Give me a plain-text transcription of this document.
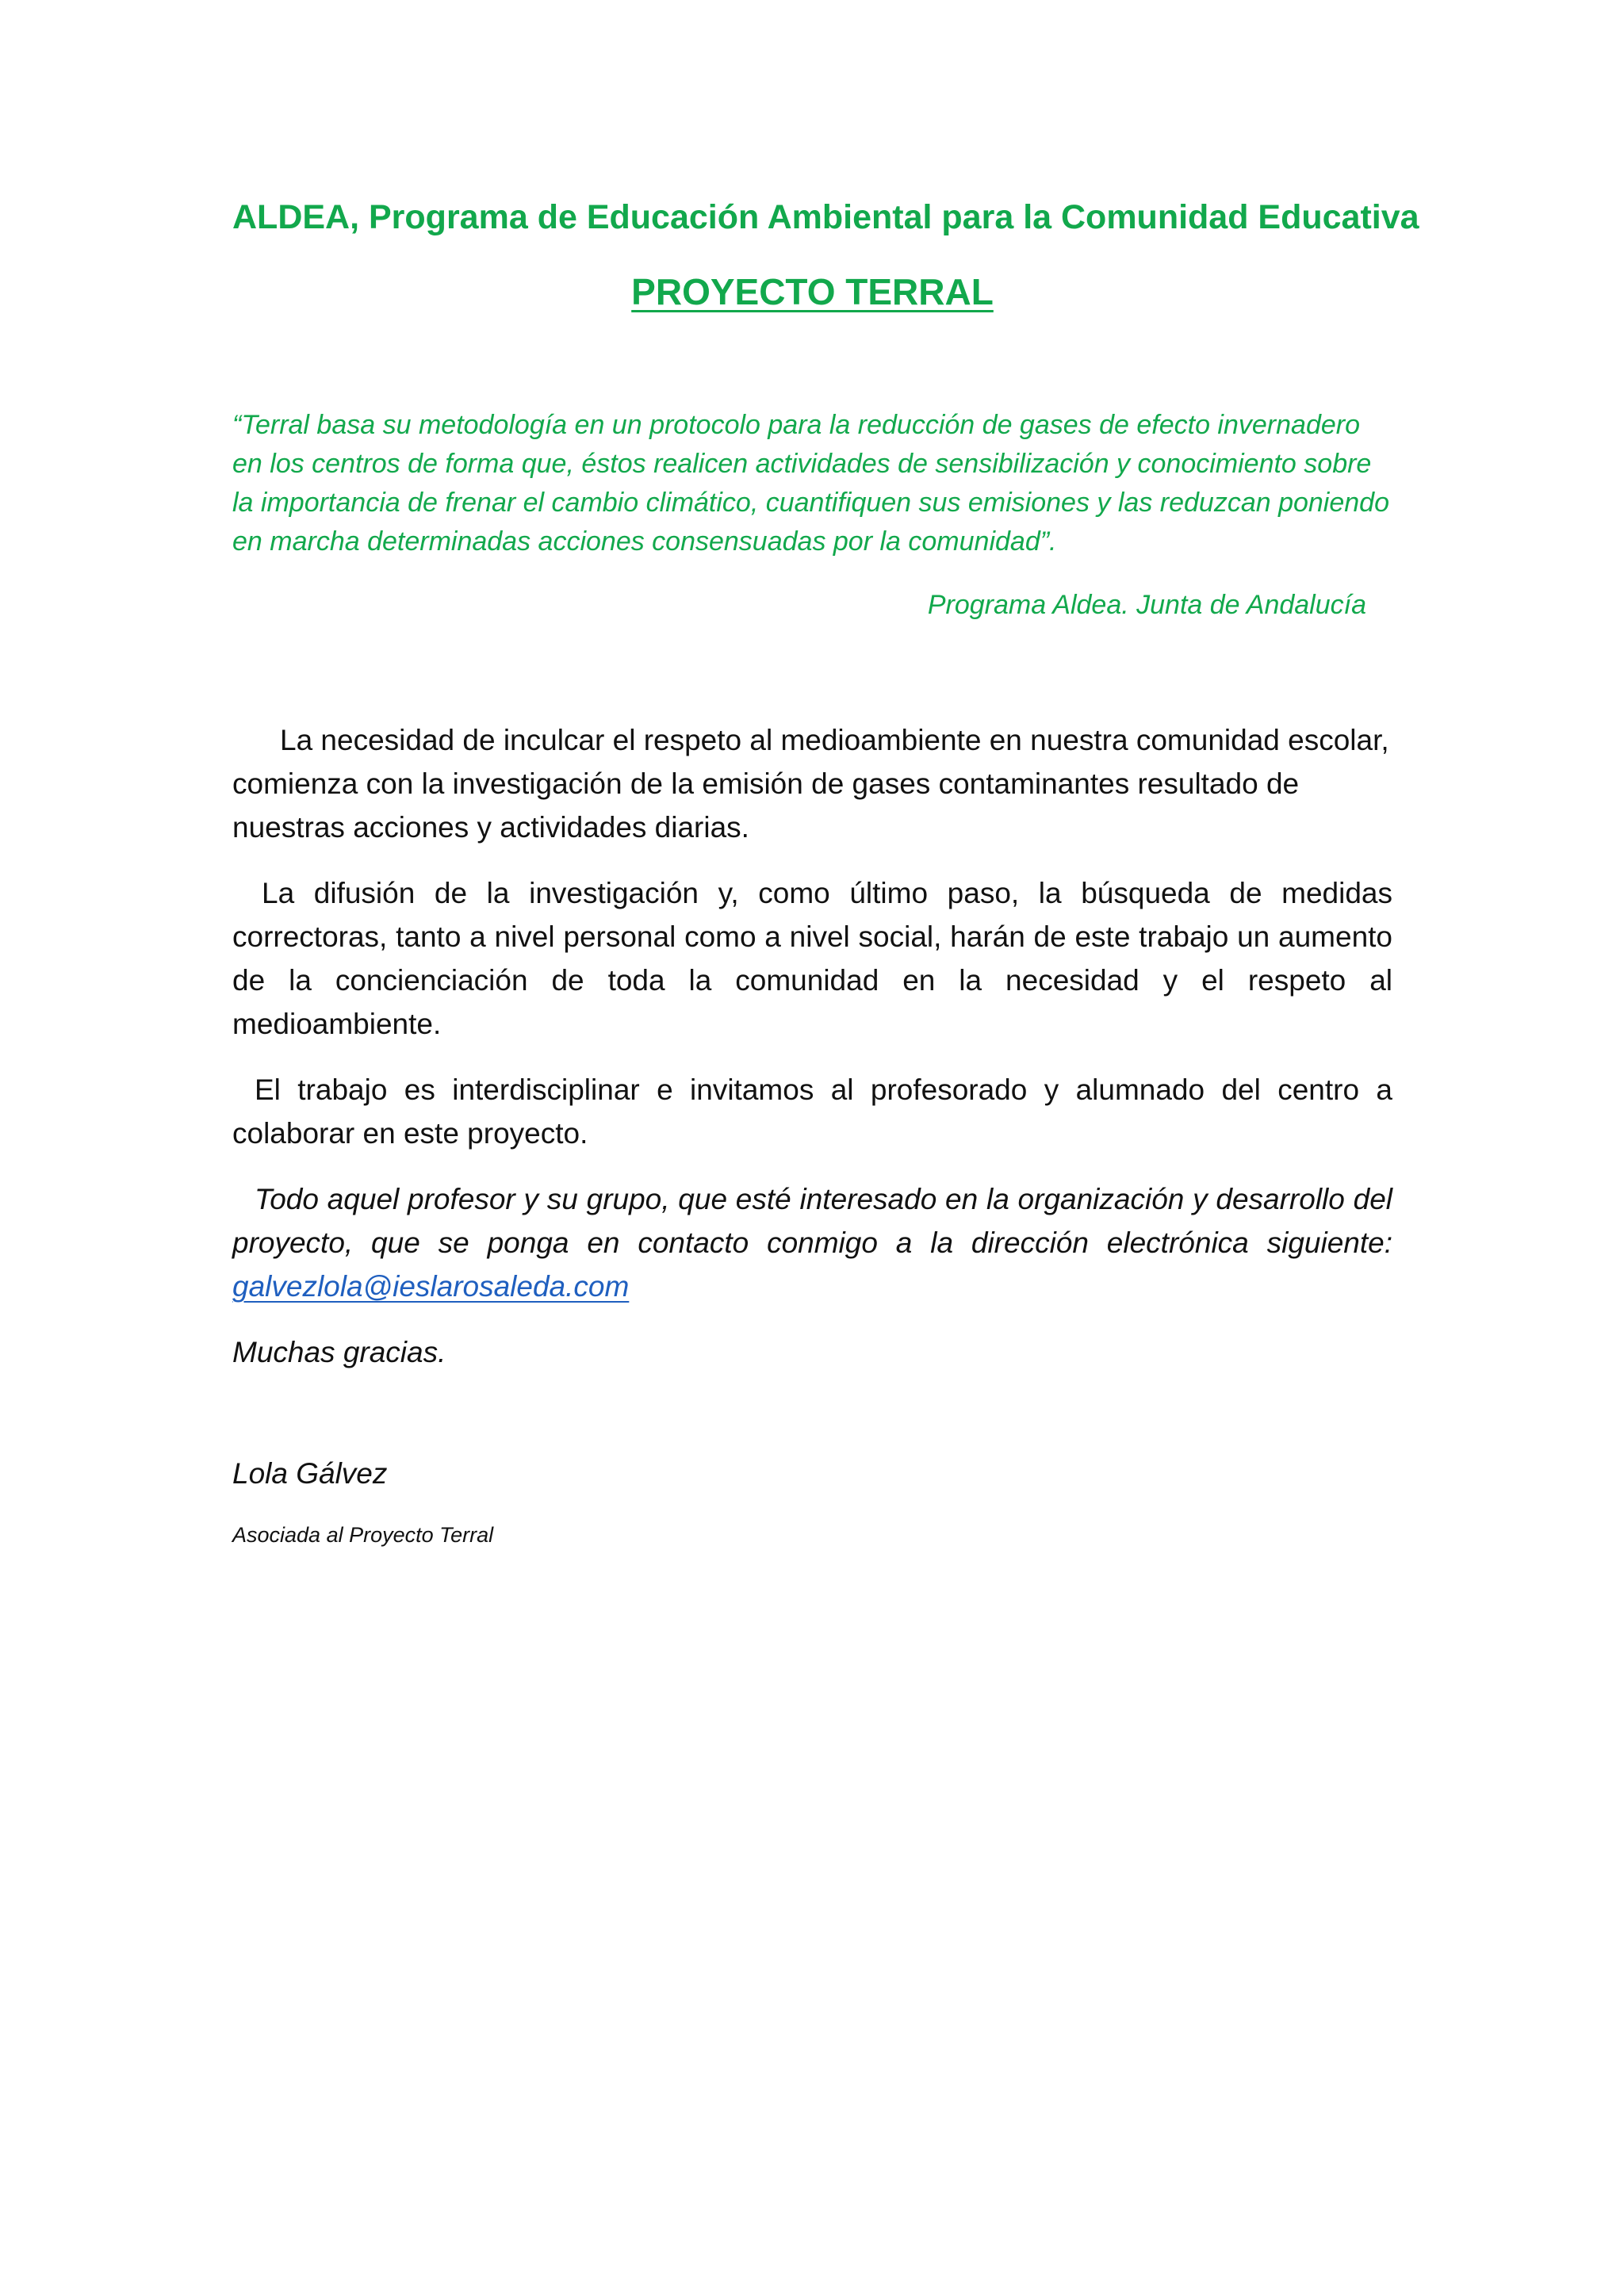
ALDEA, Programa de Educación Ambiental para la Comunidad Educativa
PROYECTO TERRAL

“Terral basa su metodología en un protocolo para la reducción de gases de efecto invernadero en los centros de forma que, éstos realicen actividades de sensibilización y conocimiento sobre la importancia de frenar el cambio climático, cuantifiquen sus emisiones y las reduzcan poniendo en marcha determinadas acciones consensuadas por la comunidad”.

Programa Aldea. Junta de Andalucía

La necesidad de inculcar el respeto al medioambiente en nuestra comunidad escolar, comienza con la investigación de la emisión de gases contaminantes resultado de nuestras acciones y actividades diarias.

La difusión de la investigación y, como último paso, la búsqueda de medidas correctoras, tanto a nivel personal como a nivel social, harán de este trabajo un aumento de la concienciación de toda la comunidad en la necesidad y el respeto al medioambiente.

El trabajo es interdisciplinar e invitamos al profesorado y alumnado del centro a colaborar en este proyecto.

Todo aquel profesor y su grupo, que esté interesado en la organización y desarrollo del proyecto, que se ponga en contacto conmigo a la dirección electrónica siguiente: galvezlola@ieslarosaleda.com

Muchas gracias.

Lola Gálvez
Asociada al Proyecto Terral
